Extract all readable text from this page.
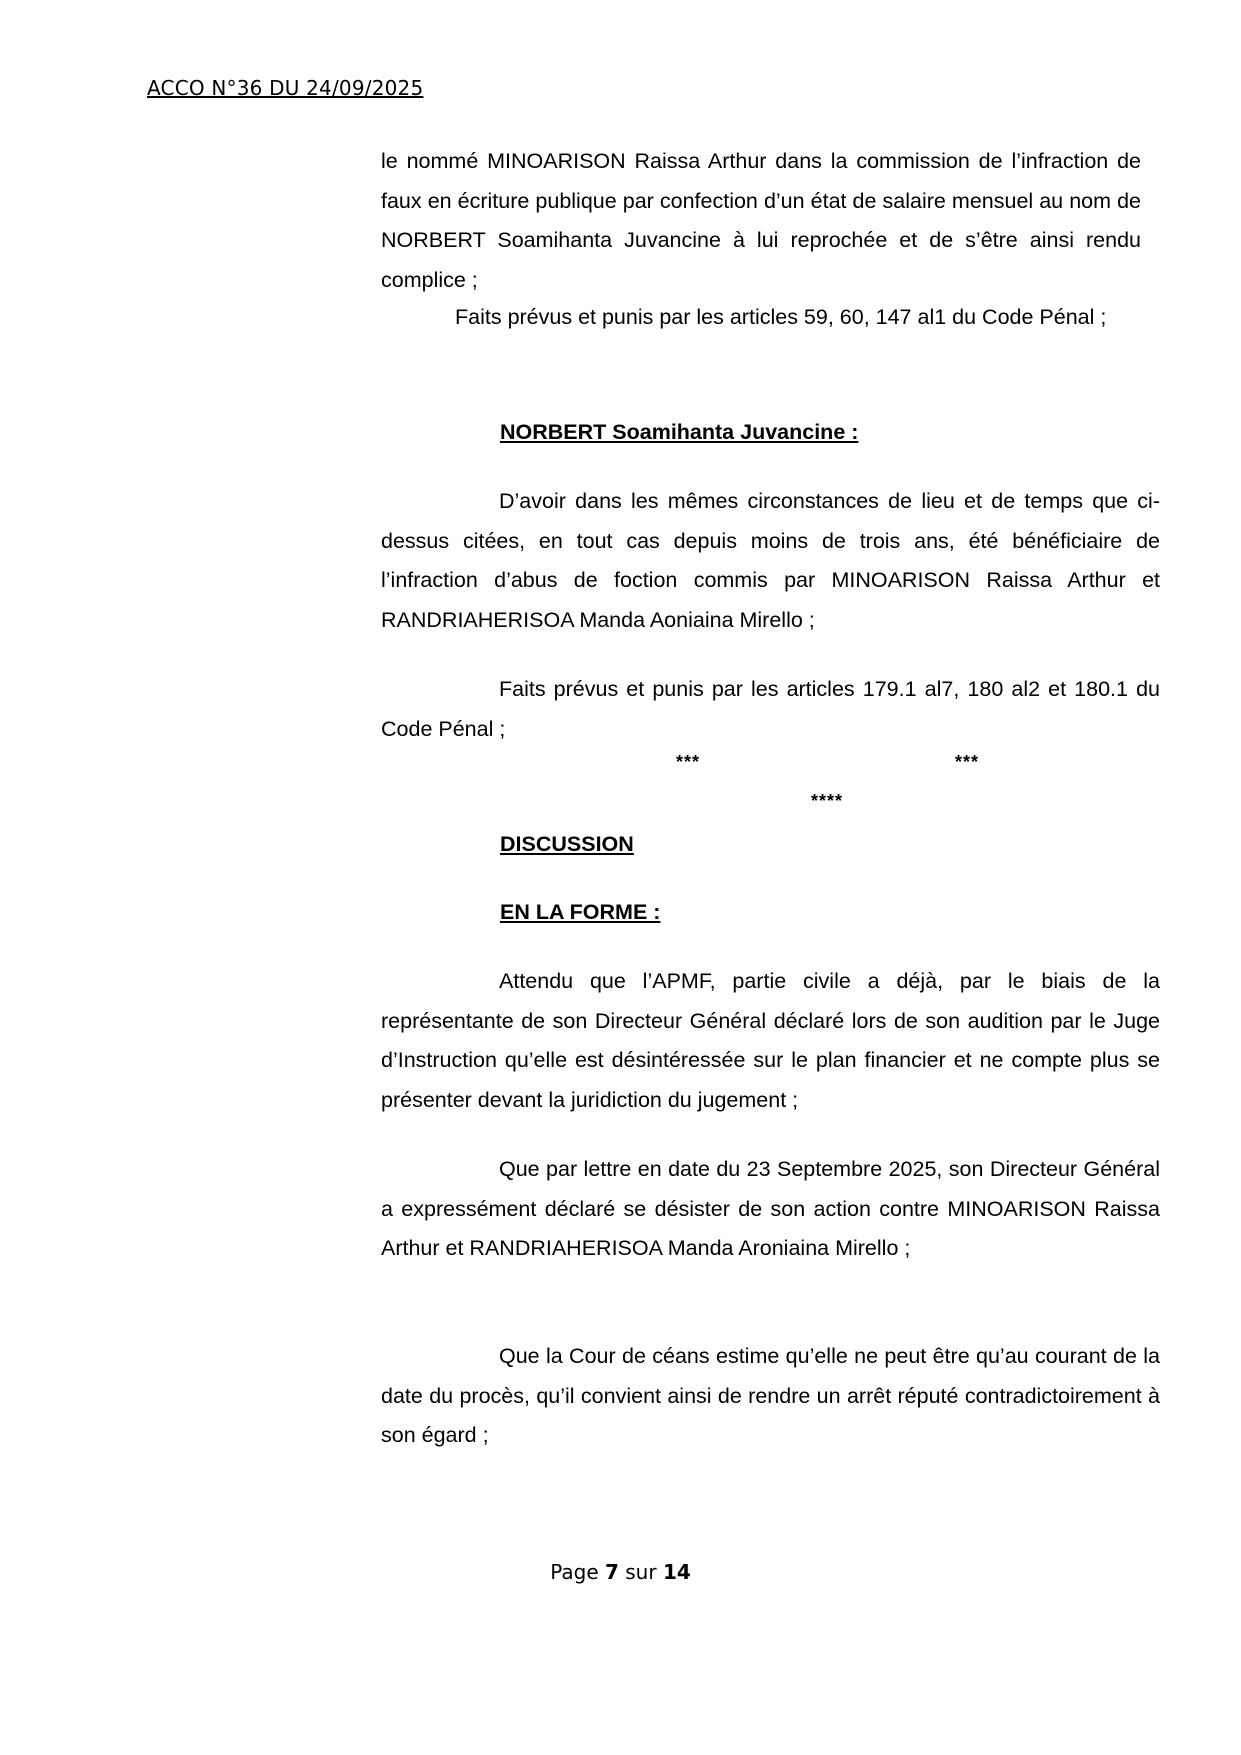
ACCO N°36 DU 24/09/2025
le nommé MINOARISON Raissa Arthur dans la commission de l’infraction de faux en écriture publique par confection d’un état de salaire mensuel au nom de NORBERT Soamihanta Juvancine à lui reprochée et de s’être ainsi rendu complice ;
Faits prévus et punis par les articles 59, 60, 147 al1 du Code Pénal ;
NORBERT Soamihanta Juvancine :
D’avoir dans les mêmes circonstances de lieu et de temps que ci-dessus citées, en tout cas depuis moins de trois ans, été bénéficiaire de l’infraction d’abus de foction commis par MINOARISON Raissa Arthur et RANDRIAHERISOA Manda Aoniaina Mirello ;
Faits prévus et punis par les articles 179.1 al7, 180 al2 et 180.1 du Code Pénal ;
***	***
****
DISCUSSION
EN LA FORME :
Attendu que l’APMF, partie civile a déjà, par le biais de la représentante de son Directeur Général déclaré lors de son audition par le Juge d’Instruction qu’elle est désintéressée sur le plan financier et ne compte plus se présenter devant la juridiction du jugement ;
Que par lettre en date du 23 Septembre 2025, son Directeur Général a expressément déclaré se désister de son action contre MINOARISON Raissa Arthur et RANDRIAHERISOA Manda Aroniaina Mirello ;
Que la Cour de céans estime qu’elle ne peut être qu’au courant de la date du procès, qu’il convient ainsi de rendre un arrêt réputé contradictoirement à son égard ;
Page 7 sur 14
